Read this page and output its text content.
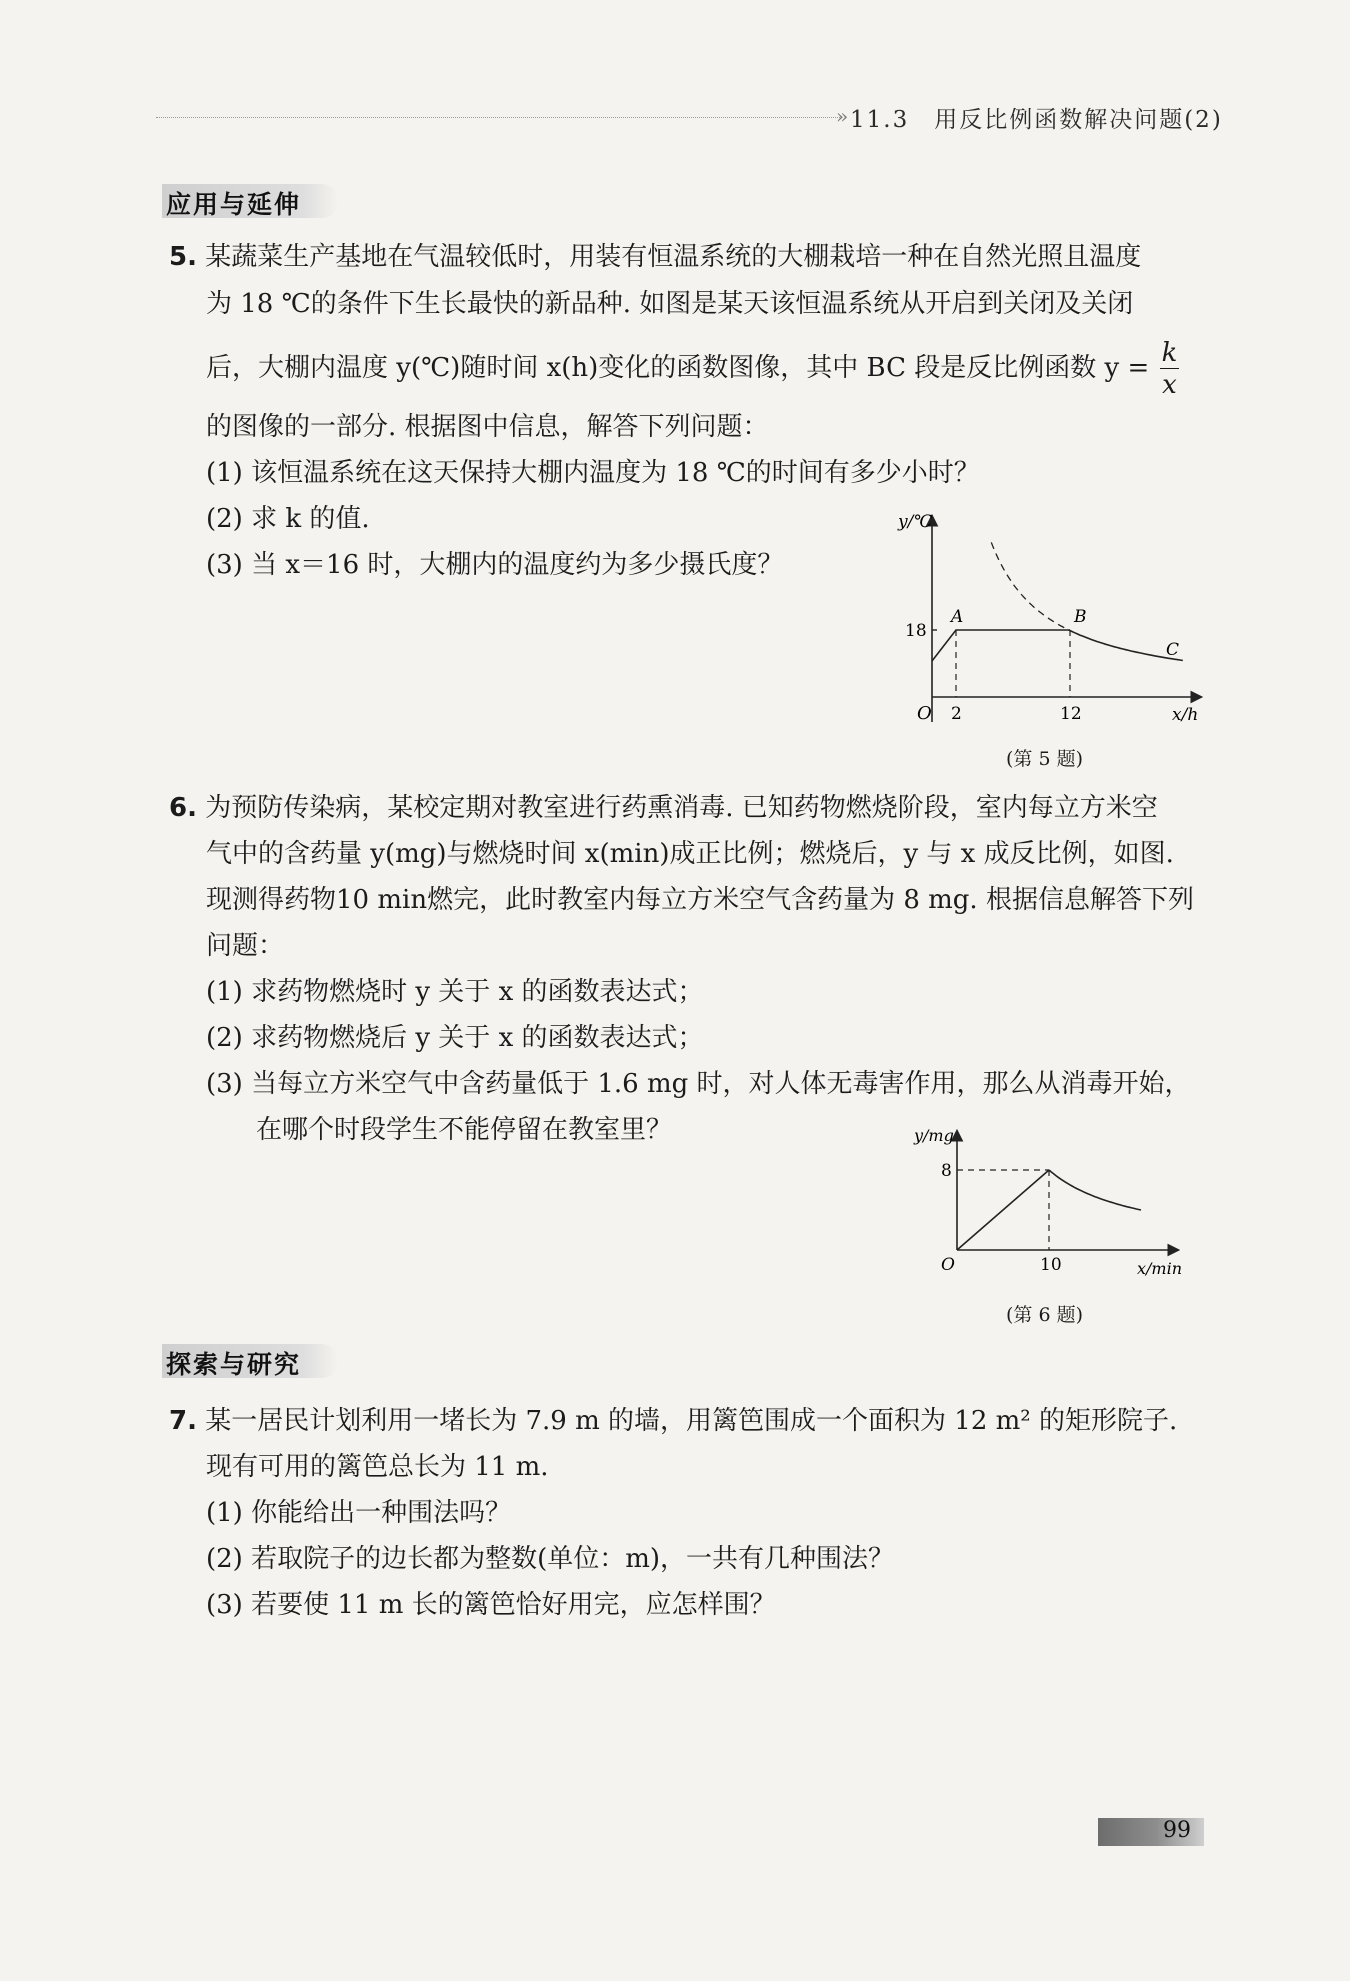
» 11.3　用反比例函数解决问题(2)
应用与延伸
5. 某蔬菜生产基地在气温较低时，用装有恒温系统的大棚栽培一种在自然光照且温度
为 18 ℃的条件下生长最快的新品种. 如图是某天该恒温系统从开启到关闭及关闭
后，大棚内温度 y(℃)随时间 x(h)变化的函数图像，其中 BC 段是反比例函数 $y = \frac{k}{x}$
的图像的一部分. 根据图中信息，解答下列问题：
(1) 该恒温系统在这天保持大棚内温度为 18 ℃的时间有多少小时？
(2) 求 k 的值.
(3) 当 x＝16 时，大棚内的温度约为多少摄氏度？
y/℃
x/h
O
18
2	12
A	B
C
(第 5 题)
6. 为预防传染病，某校定期对教室进行药熏消毒. 已知药物燃烧阶段，室内每立方米空
气中的含药量 y(mg)与燃烧时间 x(min)成正比例；燃烧后，y 与 x 成反比例，如图.
现测得药物10 min燃完，此时教室内每立方米空气含药量为 8 mg. 根据信息解答下列
问题：
(1) 求药物燃烧时 y 关于 x 的函数表达式；
(2) 求药物燃烧后 y 关于 x 的函数表达式；
(3) 当每立方米空气中含药量低于 1.6 mg 时，对人体无毒害作用，那么从消毒开始，
在哪个时段学生不能停留在教室里？	y/mg
x/min
O
8
10
(第 6 题)
探索与研究
7. 某一居民计划利用一堵长为 7.9 m 的墙，用篱笆围成一个面积为 12 m² 的矩形院子.
现有可用的篱笆总长为 11 m.
(1) 你能给出一种围法吗？
(2) 若取院子的边长都为整数(单位：m)，一共有几种围法？
(3) 若要使 11 m 长的篱笆恰好用完，应怎样围？
99
